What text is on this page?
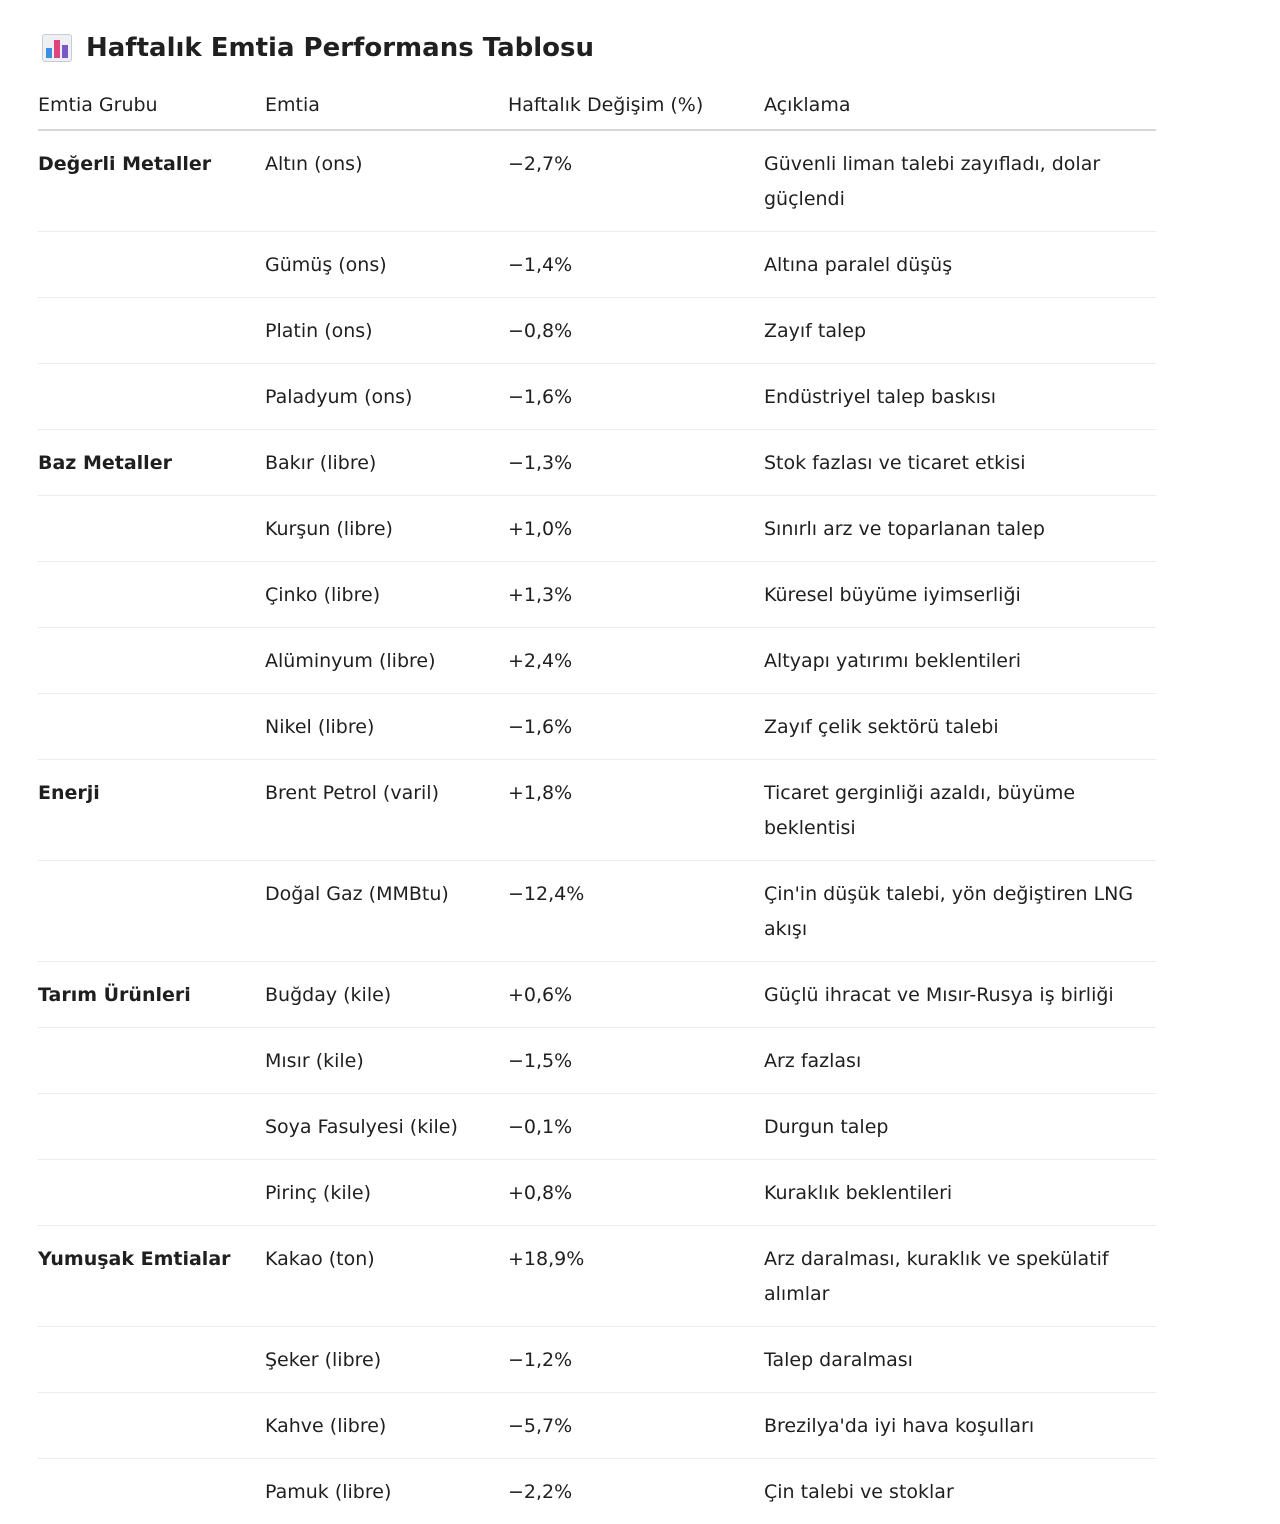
Haftalık Emtia Performans Tablosu
Emtia Grubu	Emtia	Haftalık Değişim (%)	Açıklama

Değerli Metaller	Altın (ons)	−2,7%	Güvenli liman talebi zayıfladı, dolar güçlendi

	Gümüş (ons)	−1,4%	Altına paralel düşüş

	Platin (ons)	−0,8%	Zayıf talep

	Paladyum (ons)	−1,6%	Endüstriyel talep baskısı

Baz Metaller	Bakır (libre)	−1,3%	Stok fazlası ve ticaret etkisi

	Kurşun (libre)	+1,0%	Sınırlı arz ve toparlanan talep

	Çinko (libre)	+1,3%	Küresel büyüme iyimserliği

	Alüminyum (libre)	+2,4%	Altyapı yatırımı beklentileri

	Nikel (libre)	−1,6%	Zayıf çelik sektörü talebi

Enerji	Brent Petrol (varil)	+1,8%	Ticaret gerginliği azaldı, büyüme beklentisi

	Doğal Gaz (MMBtu)	−12,4%	Çin'in düşük talebi, yön değiştiren LNG akışı

Tarım Ürünleri	Buğday (kile)	+0,6%	Güçlü ihracat ve Mısır-Rusya iş birliği

	Mısır (kile)	−1,5%	Arz fazlası

	Soya Fasulyesi (kile)	−0,1%	Durgun talep

	Pirinç (kile)	+0,8%	Kuraklık beklentileri

Yumuşak Emtialar	Kakao (ton)	+18,9%	Arz daralması, kuraklık ve spekülatif alımlar

	Şeker (libre)	−1,2%	Talep daralması

	Kahve (libre)	−5,7%	Brezilya'da iyi hava koşulları

	Pamuk (libre)	−2,2%	Çin talebi ve stoklar
